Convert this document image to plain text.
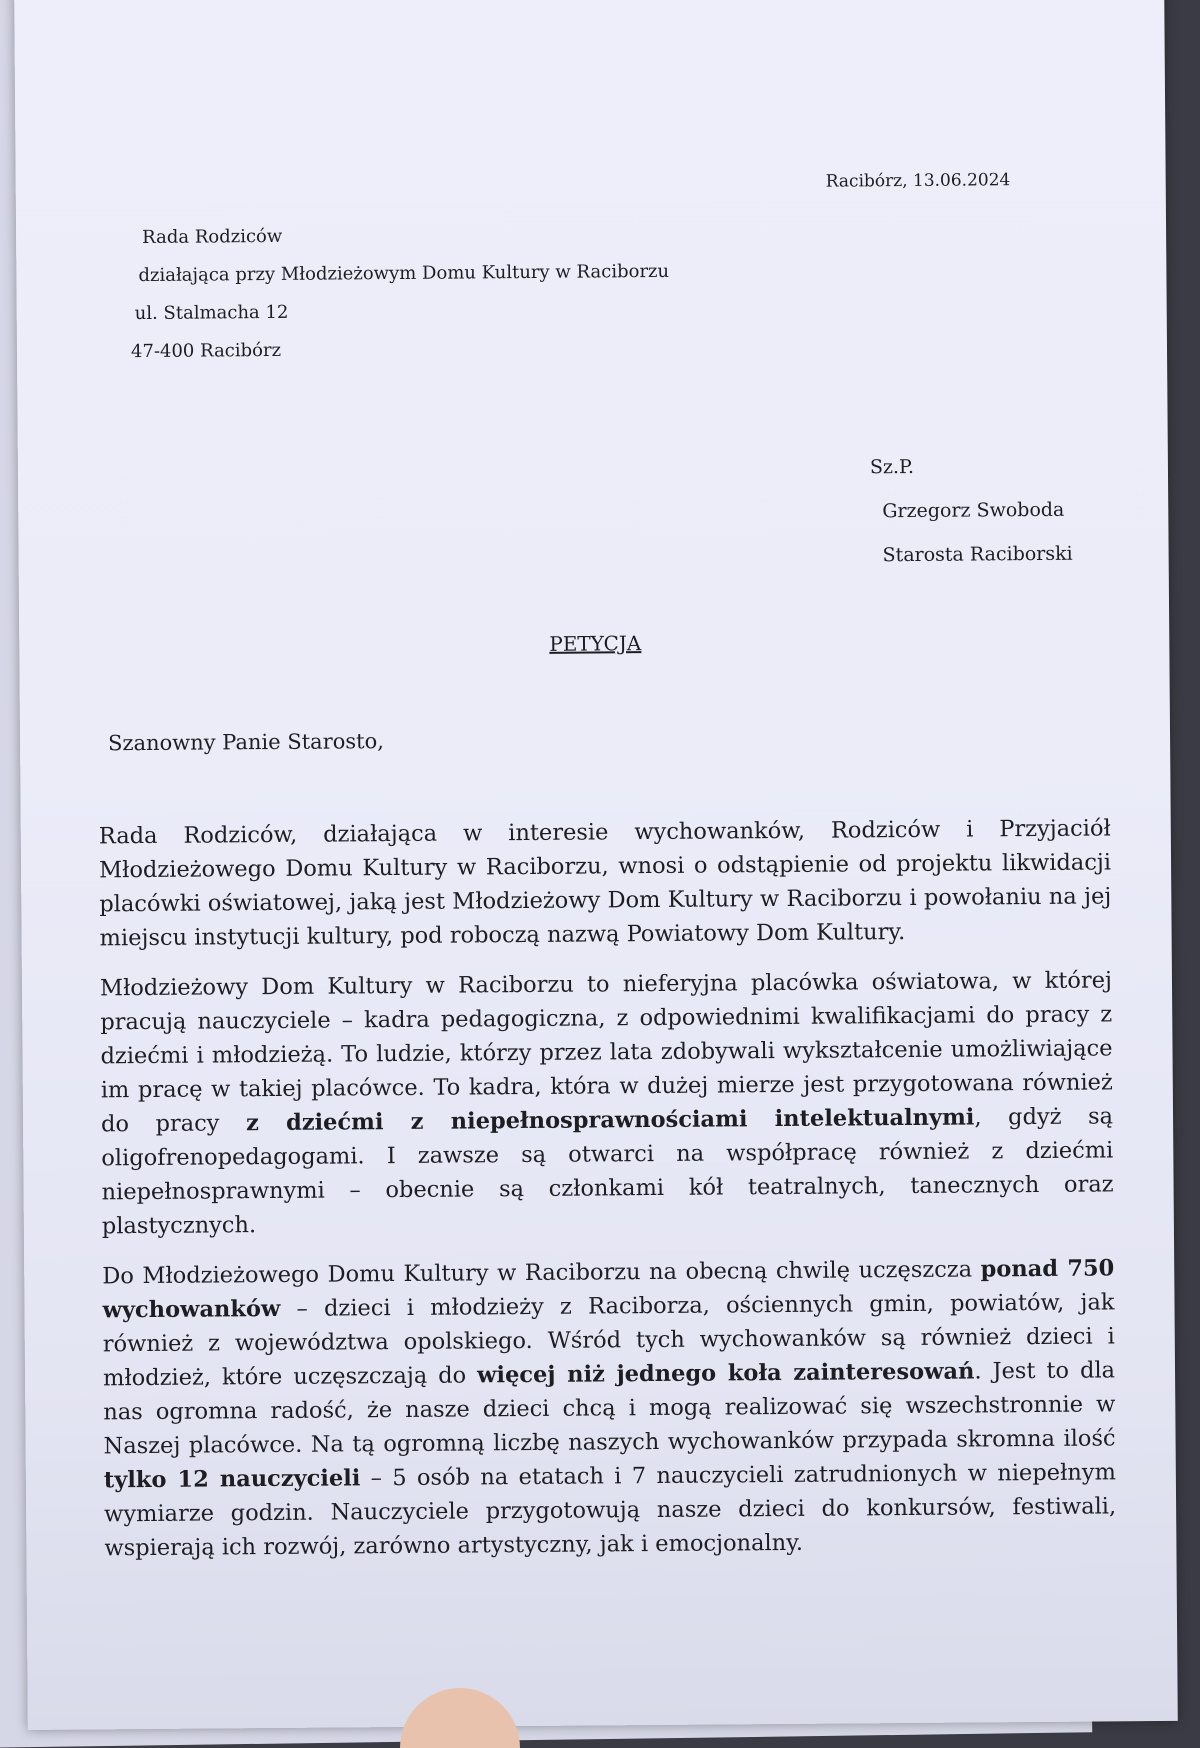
Racibórz, 13.06.2024
Rada Rodziców
działająca przy Młodzieżowym Domu Kultury w Raciborzu
ul. Stalmacha 12
47-400 Racibórz
Sz.P.
Grzegorz Swoboda
Starosta Raciborski
PETYCJA
Szanowny Panie Starosto,

Rada Rodziców, działająca w interesie wychowanków, Rodziców i Przyjaciół Młodzieżowego Domu Kultury w Raciborzu, wnosi o odstąpienie od projektu likwidacji placówki oświatowej, jaką jest Młodzieżowy Dom Kultury w Raciborzu i powołaniu na jej miejscu instytucji kultury, pod roboczą nazwą Powiatowy Dom Kultury.

Młodzieżowy Dom Kultury w Raciborzu to nieferyjna placówka oświatowa, w której pracują nauczyciele – kadra pedagogiczna, z odpowiednimi kwalifikacjami do pracy z dziećmi i młodzieżą. To ludzie, którzy przez lata zdobywali wykształcenie umożliwiające im pracę w takiej placówce. To kadra, która w dużej mierze jest przygotowana również do pracy z dziećmi z niepełnosprawnościami intelektualnymi, gdyż są oligofrenopedagogami. I zawsze są otwarci na współpracę również z dziećmi niepełnosprawnymi – obecnie są członkami kół teatralnych, tanecznych oraz plastycznych.

Do Młodzieżowego Domu Kultury w Raciborzu na obecną chwilę uczęszcza ponad 750 wychowanków – dzieci i młodzieży z Raciborza, ościennych gmin, powiatów, jak również z województwa opolskiego. Wśród tych wychowanków są również dzieci i młodzież, które uczęszczają do więcej niż jednego koła zainteresowań. Jest to dla nas ogromna radość, że nasze dzieci chcą i mogą realizować się wszechstronnie w Naszej placówce. Na tą ogromną liczbę naszych wychowanków przypada skromna ilość tylko 12 nauczycieli – 5 osób na etatach i 7 nauczycieli zatrudnionych w niepełnym wymiarze godzin. Nauczyciele przygotowują nasze dzieci do konkursów, festiwali, wspierają ich rozwój, zarówno artystyczny, jak i emocjonalny.
